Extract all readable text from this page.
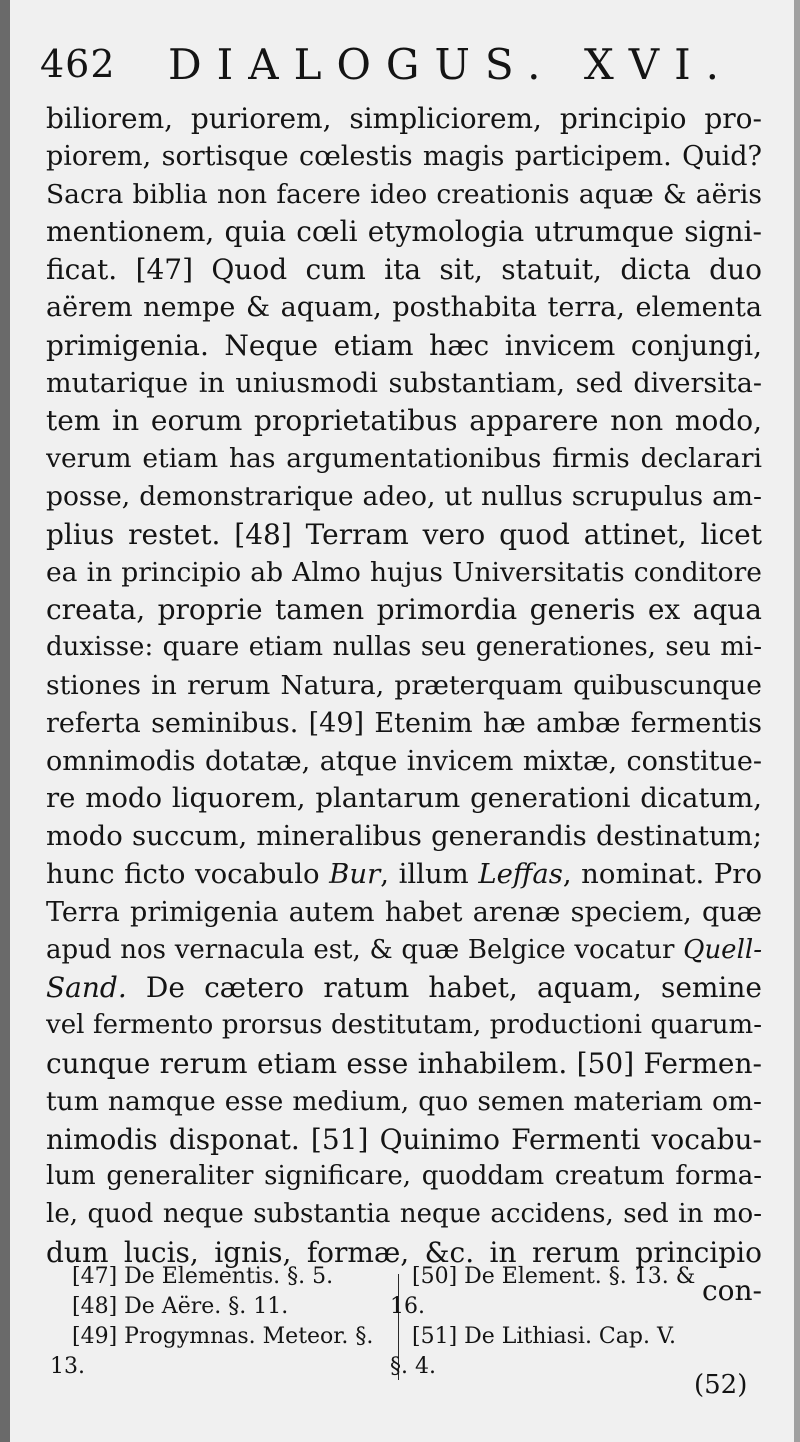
462 DIALOGUS. XVI.
biliorem, puriorem, simpliciorem, principio pro-
piorem, sortisque cœlestis magis participem. Quid?
Sacra biblia non facere ideo creationis aquæ & aëris
mentionem, quia cœli etymologia utrumque signi-
ficat. [47] Quod cum ita sit, statuit, dicta duo
aërem nempe & aquam, posthabita terra, elementa
primigenia. Neque etiam hæc invicem conjungi,
mutarique in uniusmodi substantiam, sed diversita-
tem in eorum proprietatibus apparere non modo,
verum etiam has argumentationibus firmis declarari
posse, demonstrarique adeo, ut nullus scrupulus am-
plius restet. [48] Terram vero quod attinet, licet
ea in principio ab Almo hujus Universitatis conditore
creata, proprie tamen primordia generis ex aqua
duxisse: quare etiam nullas seu generationes, seu mi-
stiones in rerum Natura, præterquam quibuscunque
referta seminibus. [49] Etenim hæ ambæ fermentis
omnimodis dotatæ, atque invicem mixtæ, constitue-
re modo liquorem, plantarum generationi dicatum,
modo succum, mineralibus generandis destinatum;
hunc ficto vocabulo Bur, illum Leffas, nominat. Pro
Terra primigenia autem habet arenæ speciem, quæ
apud nos vernacula est, & quæ Belgice vocatur Quell-
Sand. De cætero ratum habet, aquam, semine
vel fermento prorsus destitutam, productioni quarum-
cunque rerum etiam esse inhabilem. [50] Fermen-
tum namque esse medium, quo semen materiam om-
nimodis disponat. [51] Quinimo Fermenti vocabu-
lum generaliter significare, quoddam creatum forma-
le, quod neque substantia neque accidens, sed in mo-
dum lucis, ignis, formæ, &c. in rerum principio
con-
[47] De Elementis. §. 5.
[48] De Aëre. §. 11.
[49] Progymnas. Meteor. §.
13.
[50] De Element. §. 13. &
16.
[51] De Lithiasi. Cap. V.
§. 4.
(52)
